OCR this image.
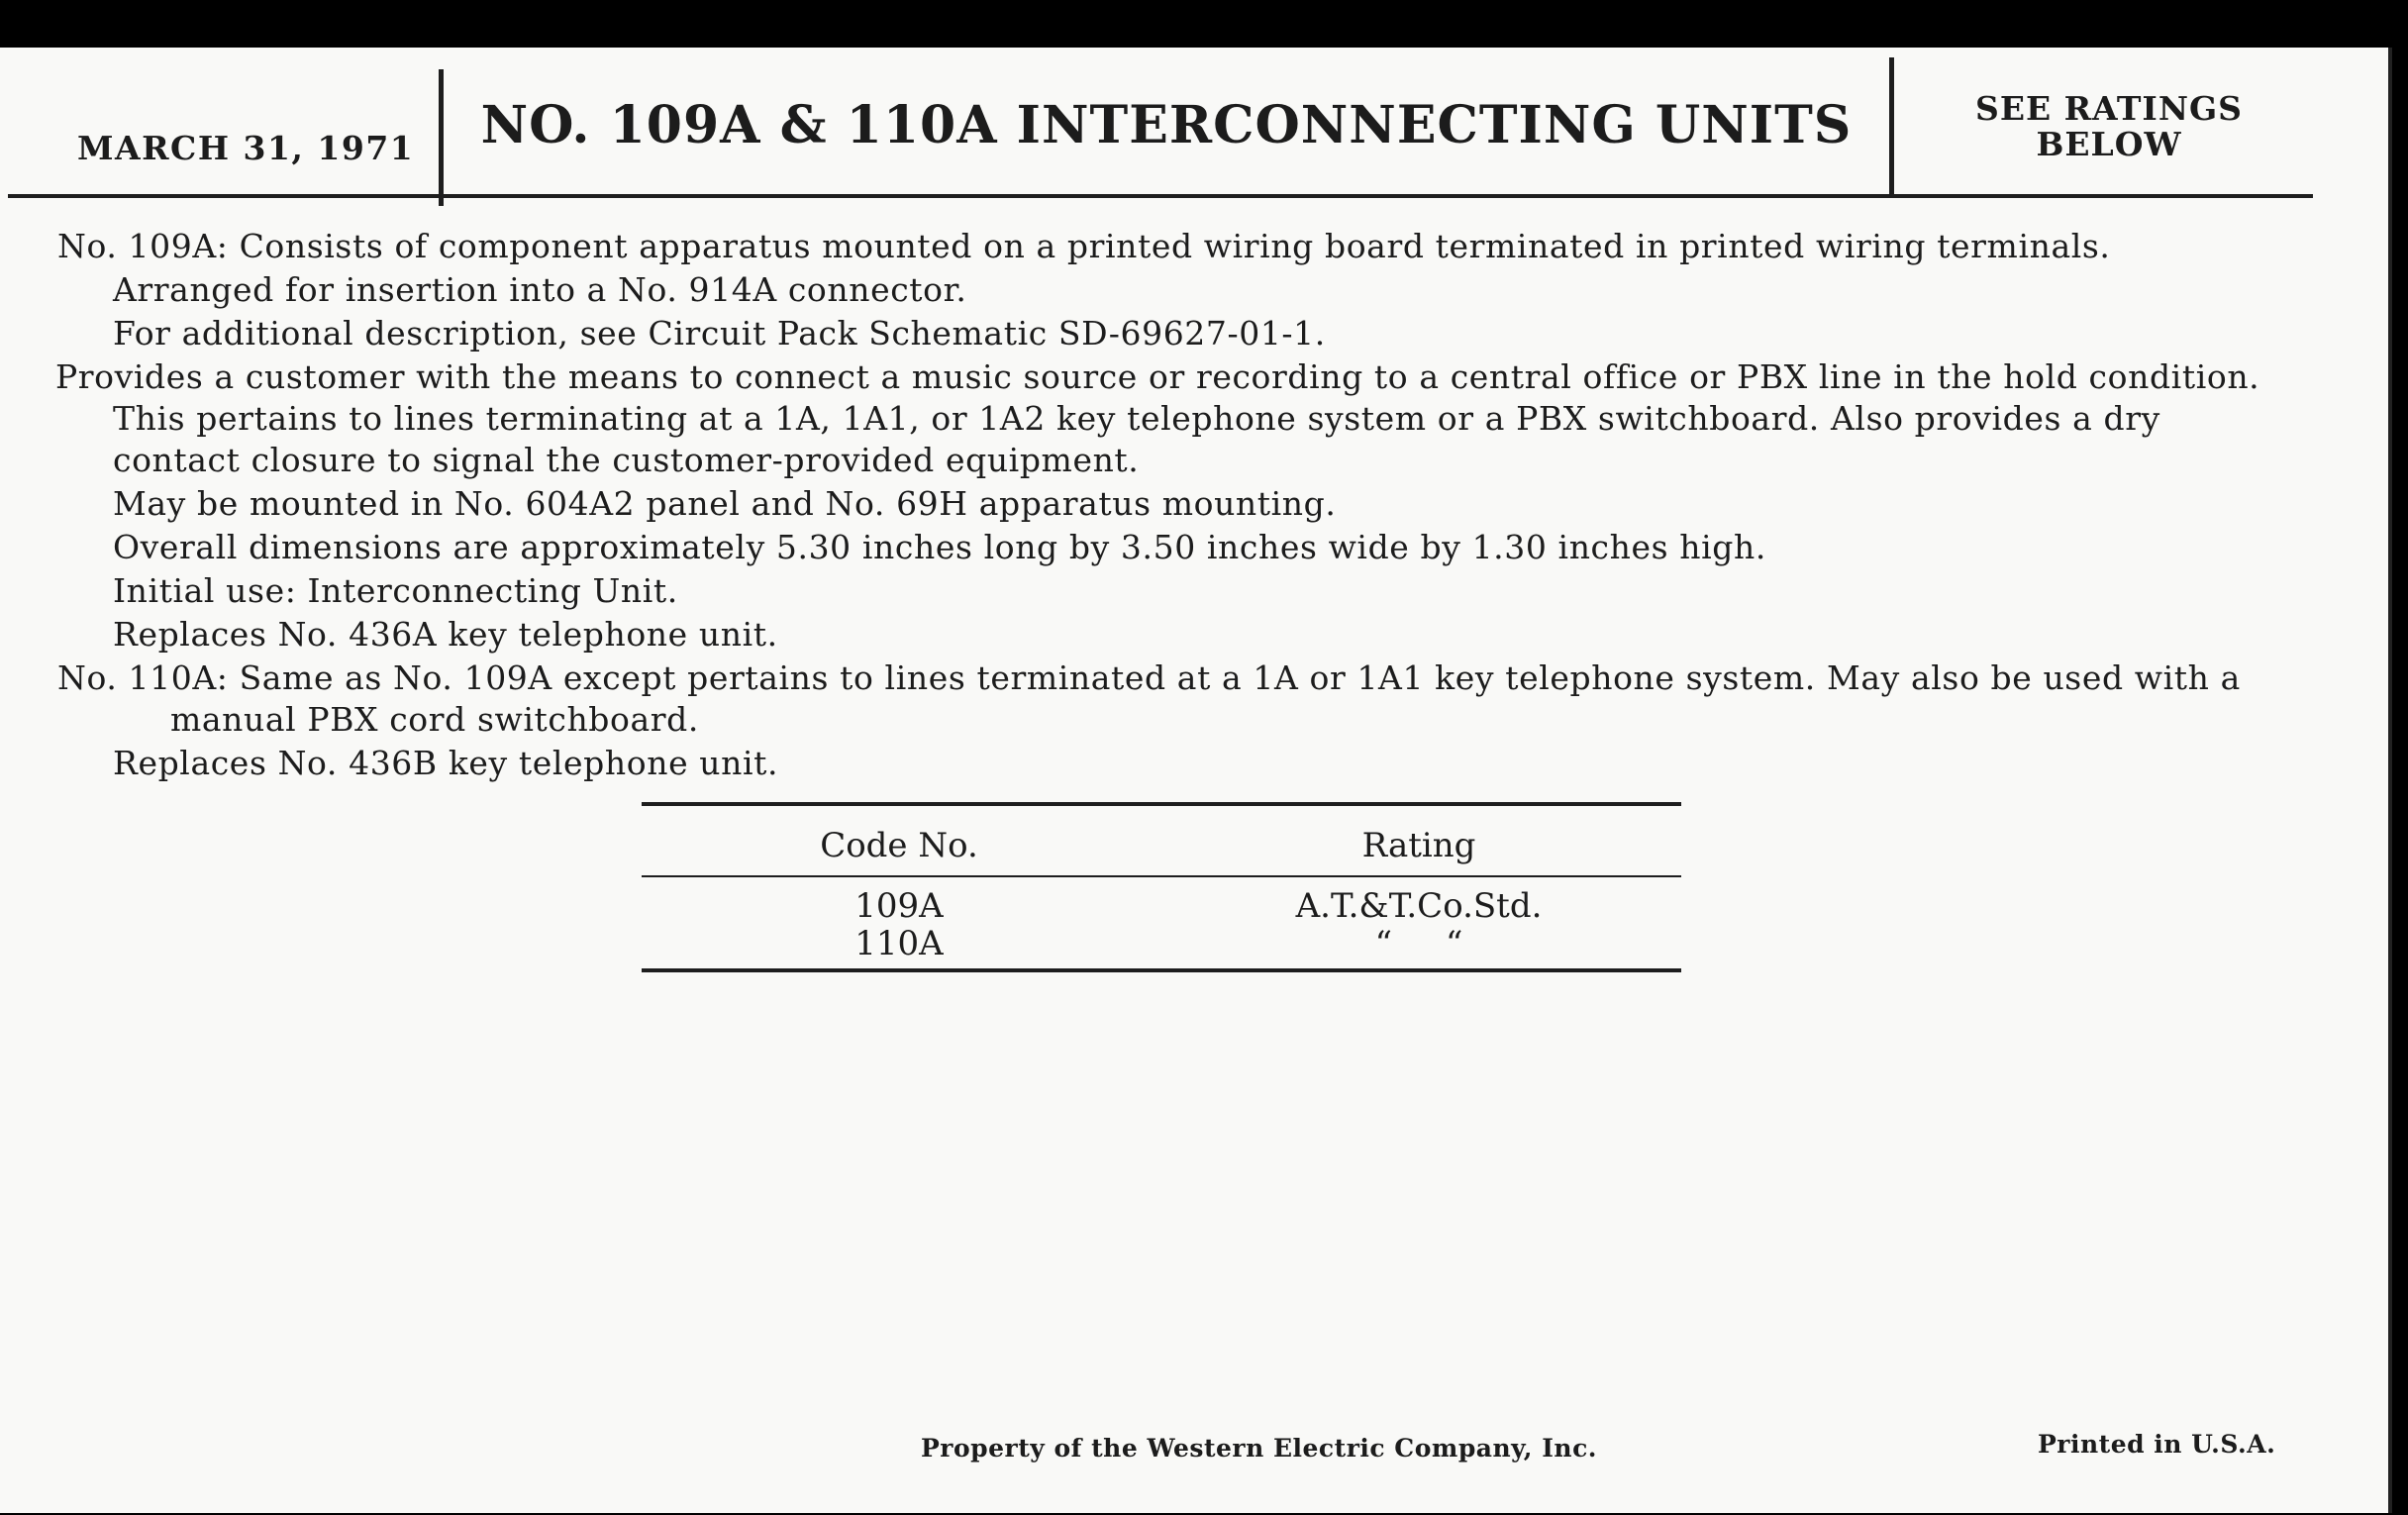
MARCH 31, 1971	NO. 109A & 110A INTERCONNECTING UNITS	SEE RATINGS
BELOW

No. 109A: Consists of component apparatus mounted on a printed wiring board terminated in printed wiring terminals.

Arranged for insertion into a No. 914A connector.

For additional description, see Circuit Pack Schematic SD-69627-01-1.

Provides a customer with the means to connect a music source or recording to a central office or PBX line in the hold condition. This pertains to lines terminating at a 1A, 1A1, or 1A2 key telephone system or a PBX switchboard. Also provides a dry contact closure to signal the customer-provided equipment.

May be mounted in No. 604A2 panel and No. 69H apparatus mounting.

Overall dimensions are approximately 5.30 inches long by 3.50 inches wide by 1.30 inches high.

Initial use: Interconnecting Unit.

Replaces No. 436A key telephone unit.

No. 110A: Same as No. 109A except pertains to lines terminated at a 1A or 1A1 key telephone system. May also be used with a manual PBX cord switchboard.

Replaces No. 436B key telephone unit.

Code No.	Rating
109A	A.T.&T.Co.Std.
110A	“     “
Property of the Western Electric Company, Inc.	Printed in U.S.A.
